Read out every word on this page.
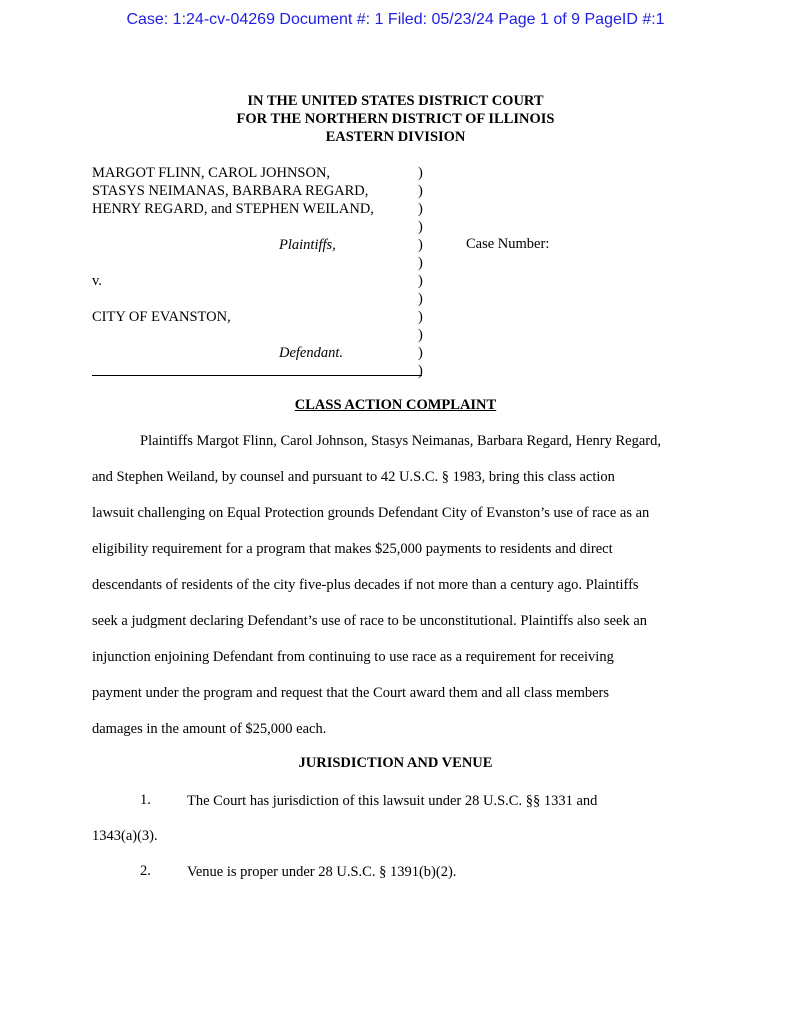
Case: 1:24-cv-04269 Document #: 1 Filed: 05/23/24 Page 1 of 9 PageID #:1
IN THE UNITED STATES DISTRICT COURT
FOR THE NORTHERN DISTRICT OF ILLINOIS
EASTERN DIVISION
MARGOT FLINN, CAROL JOHNSON,
STASYS NEIMANAS, BARBARA REGARD,
HENRY REGARD, and STEPHEN WEILAND,
Plaintiffs,
v.
CITY OF EVANSTON,
Defendant.
)
)
)
)
)
)
)
)
)
)
)
)
Case Number:
CLASS ACTION COMPLAINT
Plaintiffs Margot Flinn, Carol Johnson, Stasys Neimanas, Barbara Regard, Henry Regard,
and Stephen Weiland, by counsel and pursuant to 42 U.S.C. § 1983, bring this class action
lawsuit challenging on Equal Protection grounds Defendant City of Evanston’s use of race as an
eligibility requirement for a program that makes $25,000 payments to residents and direct
descendants of residents of the city five-plus decades if not more than a century ago. Plaintiffs
seek a judgment declaring Defendant’s use of race to be unconstitutional. Plaintiffs also seek an
injunction enjoining Defendant from continuing to use race as a requirement for receiving
payment under the program and request that the Court award them and all class members
damages in the amount of $25,000 each.
JURISDICTION AND VENUE
1. The Court has jurisdiction of this lawsuit under 28 U.S.C. §§ 1331 and
1343(a)(3).
2. Venue is proper under 28 U.S.C. § 1391(b)(2).
